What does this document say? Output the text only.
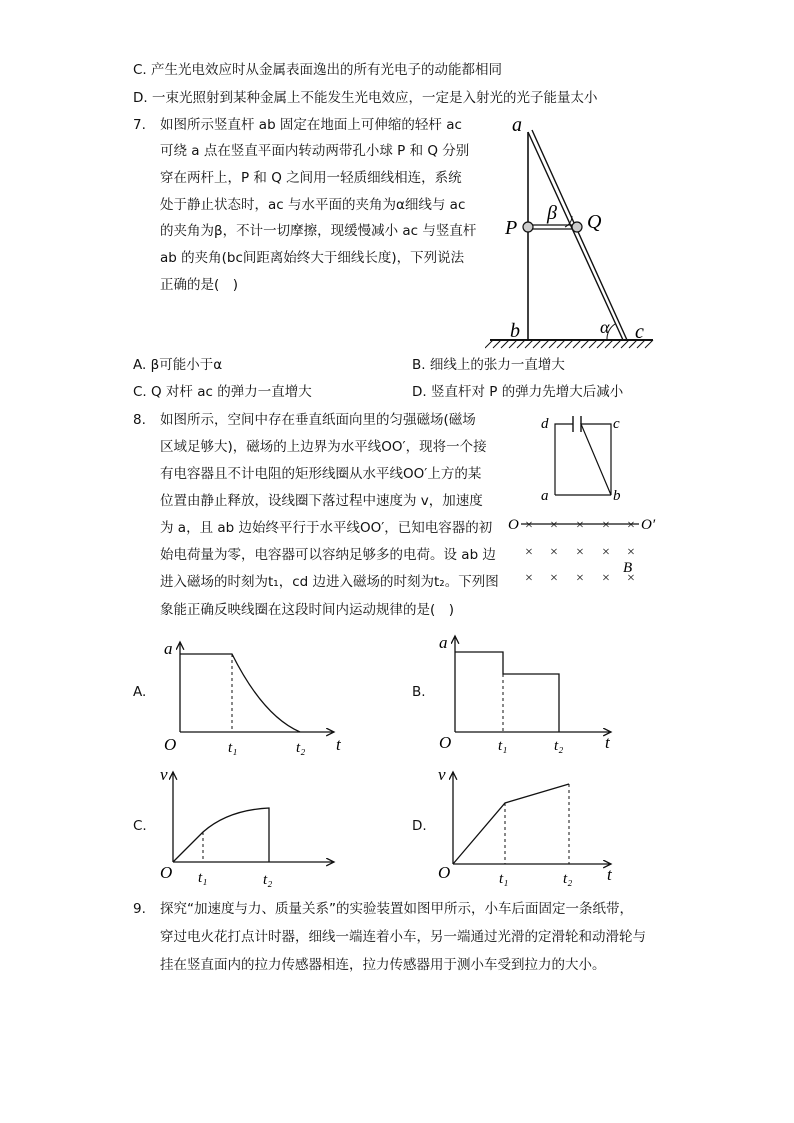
C. 产生光电效应时从金属表面逸出的所有光电子的动能都相同
D. 一束光照射到某种金属上不能发生光电效应，一定是入射光的光子能量太小
7. 如图所示竖直杆 ab 固定在地面上可伸缩的轻杆 ac
可绕 a 点在竖直平面内转动两带孔小球 P 和 Q 分别
穿在两杆上，P 和 Q 之间用一轻质细线相连，系统
处于静止状态时，ac 与水平面的夹角为α细线与 ac
的夹角为β，不计一切摩擦，现缓慢减小 ac 与竖直杆
ab 的夹角(bc间距离始终大于细线长度)，下列说法
正确的是(　)
a
b	c
P	Q
β
α
A. β可能小于α	B. 细线上的张力一直增大
C. Q 对杆 ac 的弹力一直增大	D. 竖直杆对 P 的弹力先增大后减小
8. 如图所示，空间中存在垂直纸面向里的匀强磁场(磁场
区域足够大)，磁场的上边界为水平线OO′，现将一个接
有电容器且不计电阻的矩形线圈从水平线OO′上方的某
位置由静止释放，设线圈下落过程中速度为 v，加速度
为 a，且 ab 边始终平行于水平线OO′，已知电容器的初
始电荷量为零，电容器可以容纳足够多的电荷。设 ab 边
进入磁场的时刻为t₁，cd 边进入磁场的时刻为t₂。下列图
象能正确反映线圈在这段时间内运动规律的是(　)
d	c
a	b
O	O′
× × × × ×
× × × × ×
× × × × ×
B
A.
a
O	t₁	t₂ t
B.
a
O	t₁	t₂ t
C.
v
O t₁	t₂
D.
v
O	t₁	t₂ t
9. 探究“加速度与力、质量关系”的实验装置如图甲所示，小车后面固定一条纸带，
穿过电火花打点计时器，细线一端连着小车，另一端通过光滑的定滑轮和动滑轮与
挂在竖直面内的拉力传感器相连，拉力传感器用于测小车受到拉力的大小。
